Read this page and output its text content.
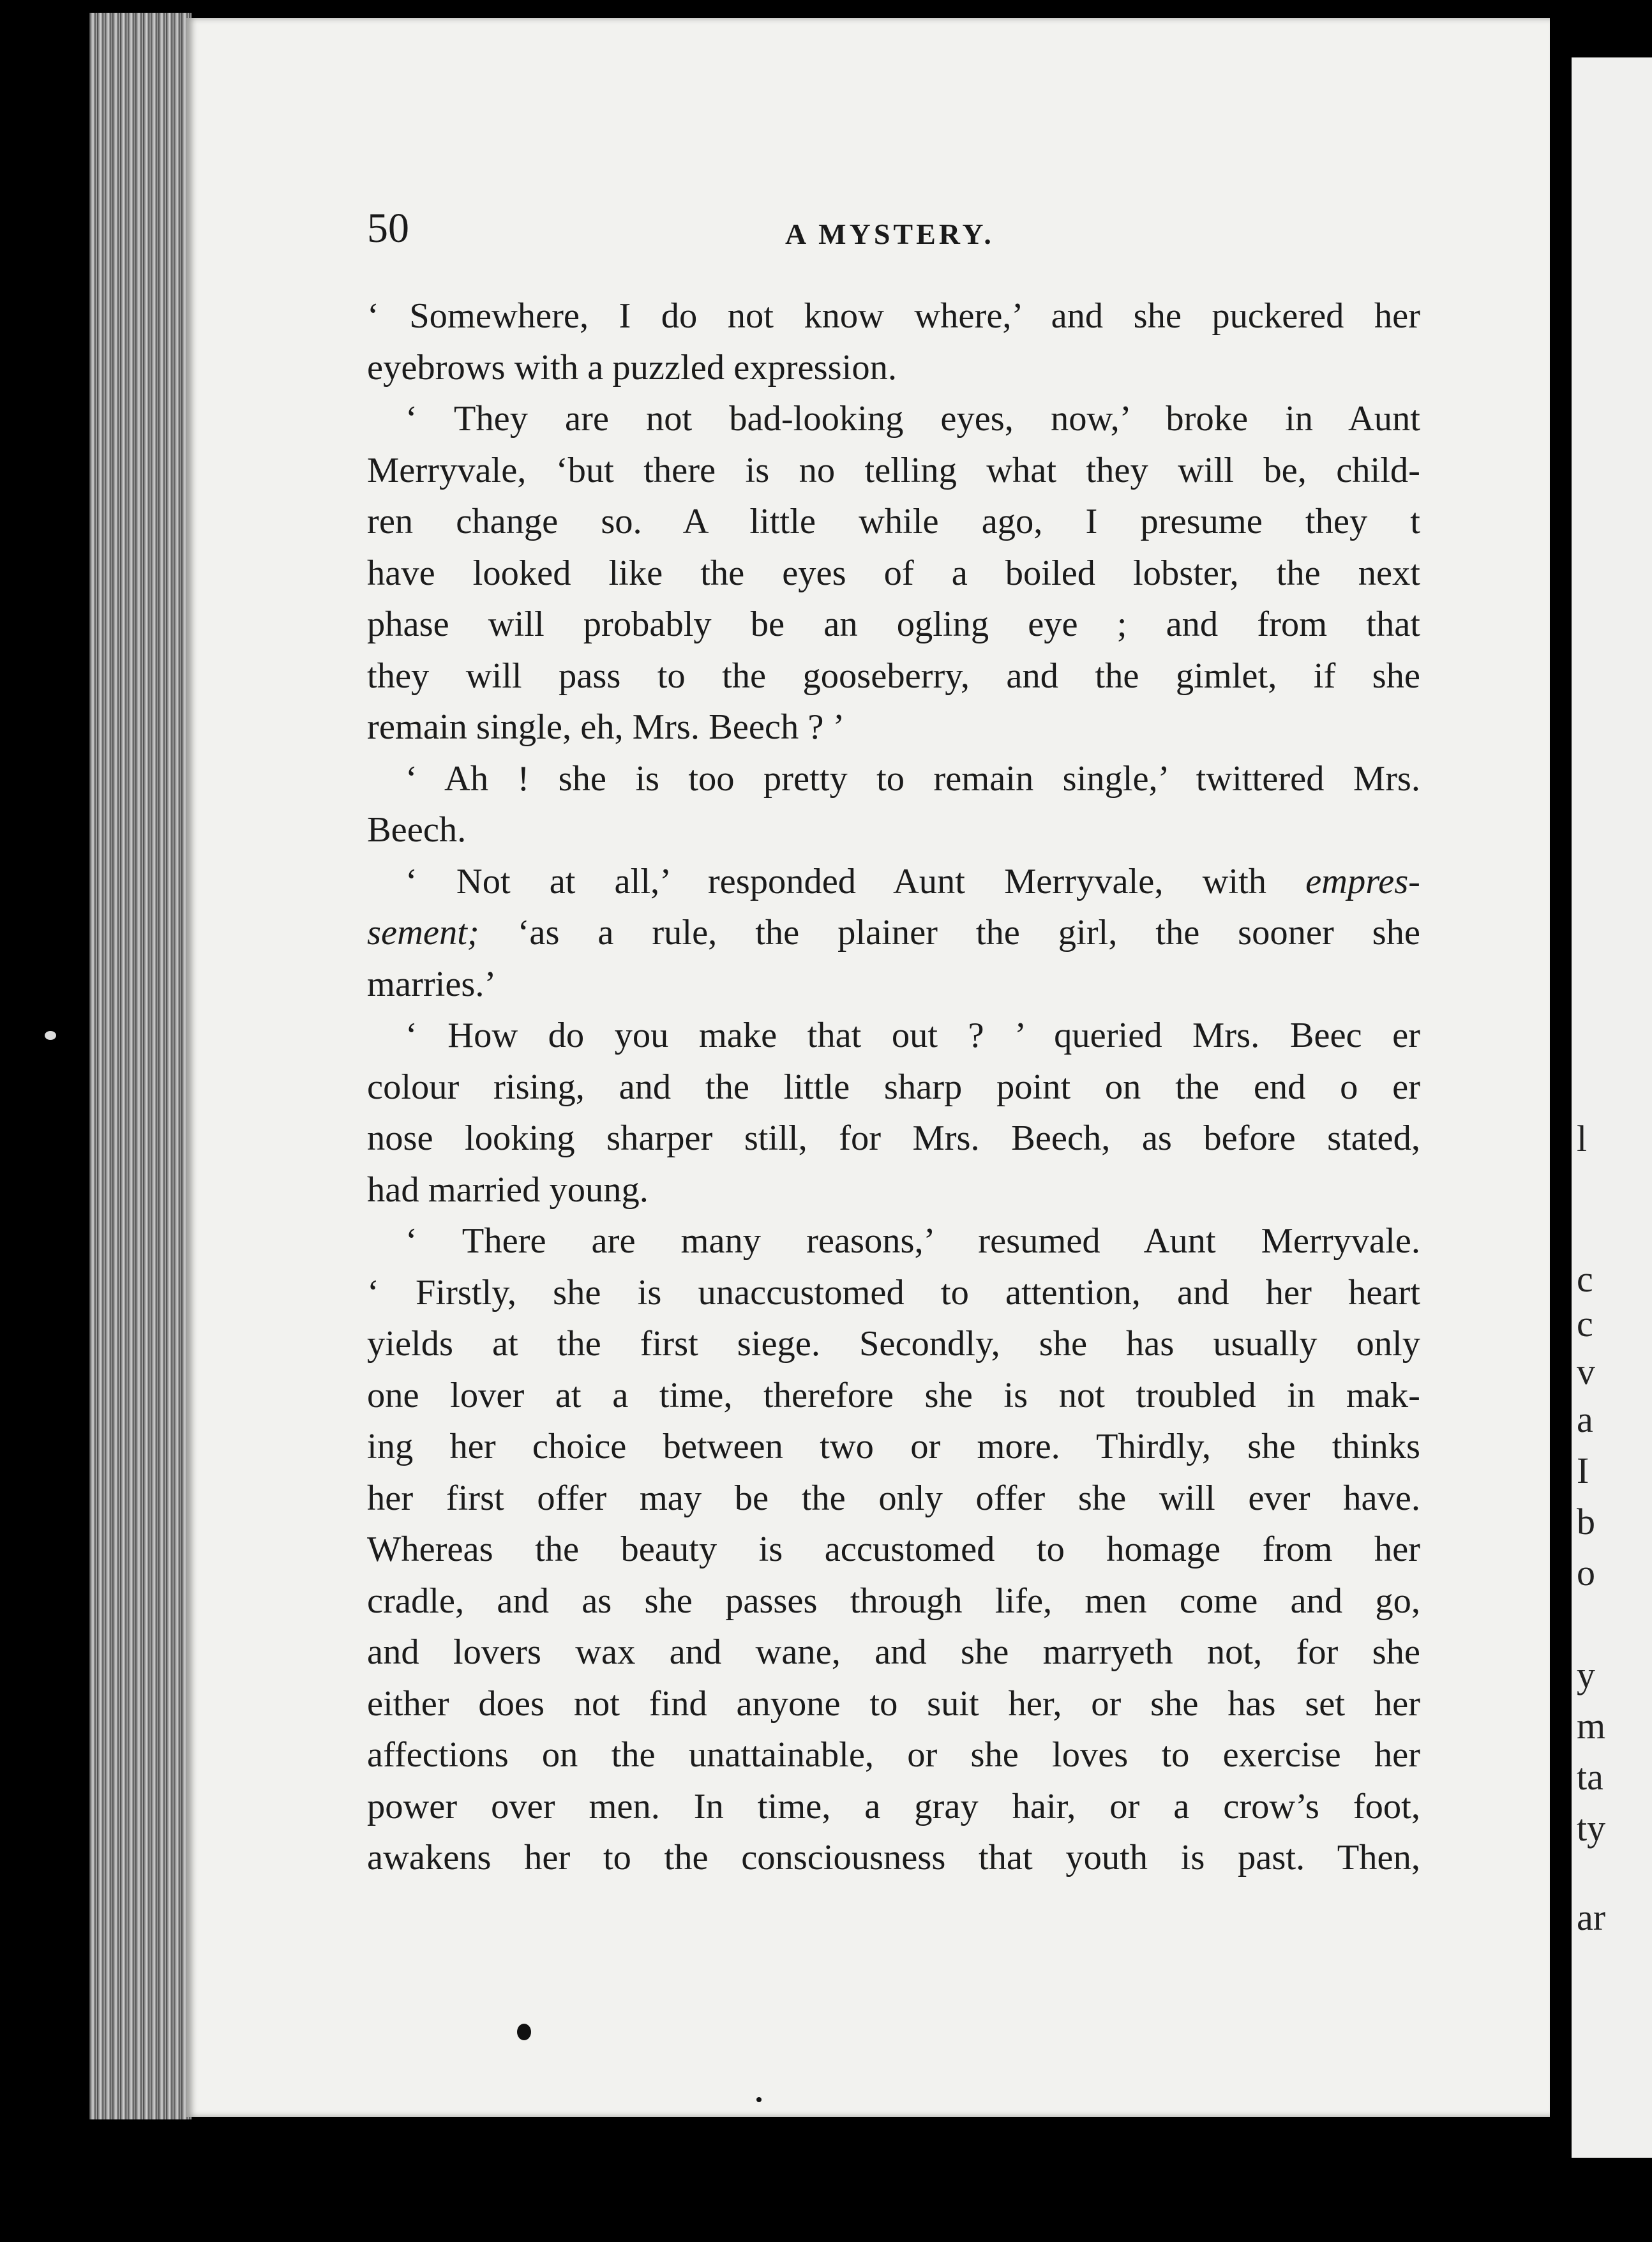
l
c
c
v
a
I
b
o
y
m
ta
ty
ar
50	A MYSTERY.
‘ Somewhere, I do not know where,’ and she puckered her
eyebrows with a puzzled expression.
‘ They are not bad-looking eyes, now,’ broke in Aunt
Merryvale, ‘but there is no telling what they will be, child-
ren change so. A little while ago, I presume they t
have looked like the eyes of a boiled lobster, the next
phase will probably be an ogling eye ; and from that
they will pass to the gooseberry, and the gimlet, if she
remain single, eh, Mrs. Beech ? ’
‘ Ah ! she is too pretty to remain single,’ twittered Mrs.
Beech.
‘ Not at all,’ responded Aunt Merryvale, with empres-
sement; ‘as a rule, the plainer the girl, the sooner she
marries.’
‘ How do you make that out ? ’ queried Mrs. Beec er
colour rising, and the little sharp point on the end o er
nose looking sharper still, for Mrs. Beech, as before stated,
had married young.
‘ There are many reasons,’ resumed Aunt Merryvale.
‘ Firstly, she is unaccustomed to attention, and her heart
yields at the first siege. Secondly, she has usually only
one lover at a time, therefore she is not troubled in mak-
ing her choice between two or more. Thirdly, she thinks
her first offer may be the only offer she will ever have.
Whereas the beauty is accustomed to homage from her
cradle, and as she passes through life, men come and go,
and lovers wax and wane, and she marryeth not, for she
either does not find anyone to suit her, or she has set her
affections on the unattainable, or she loves to exercise her
power over men. In time, a gray hair, or a crow’s foot,
awakens her to the consciousness that youth is past. Then,
